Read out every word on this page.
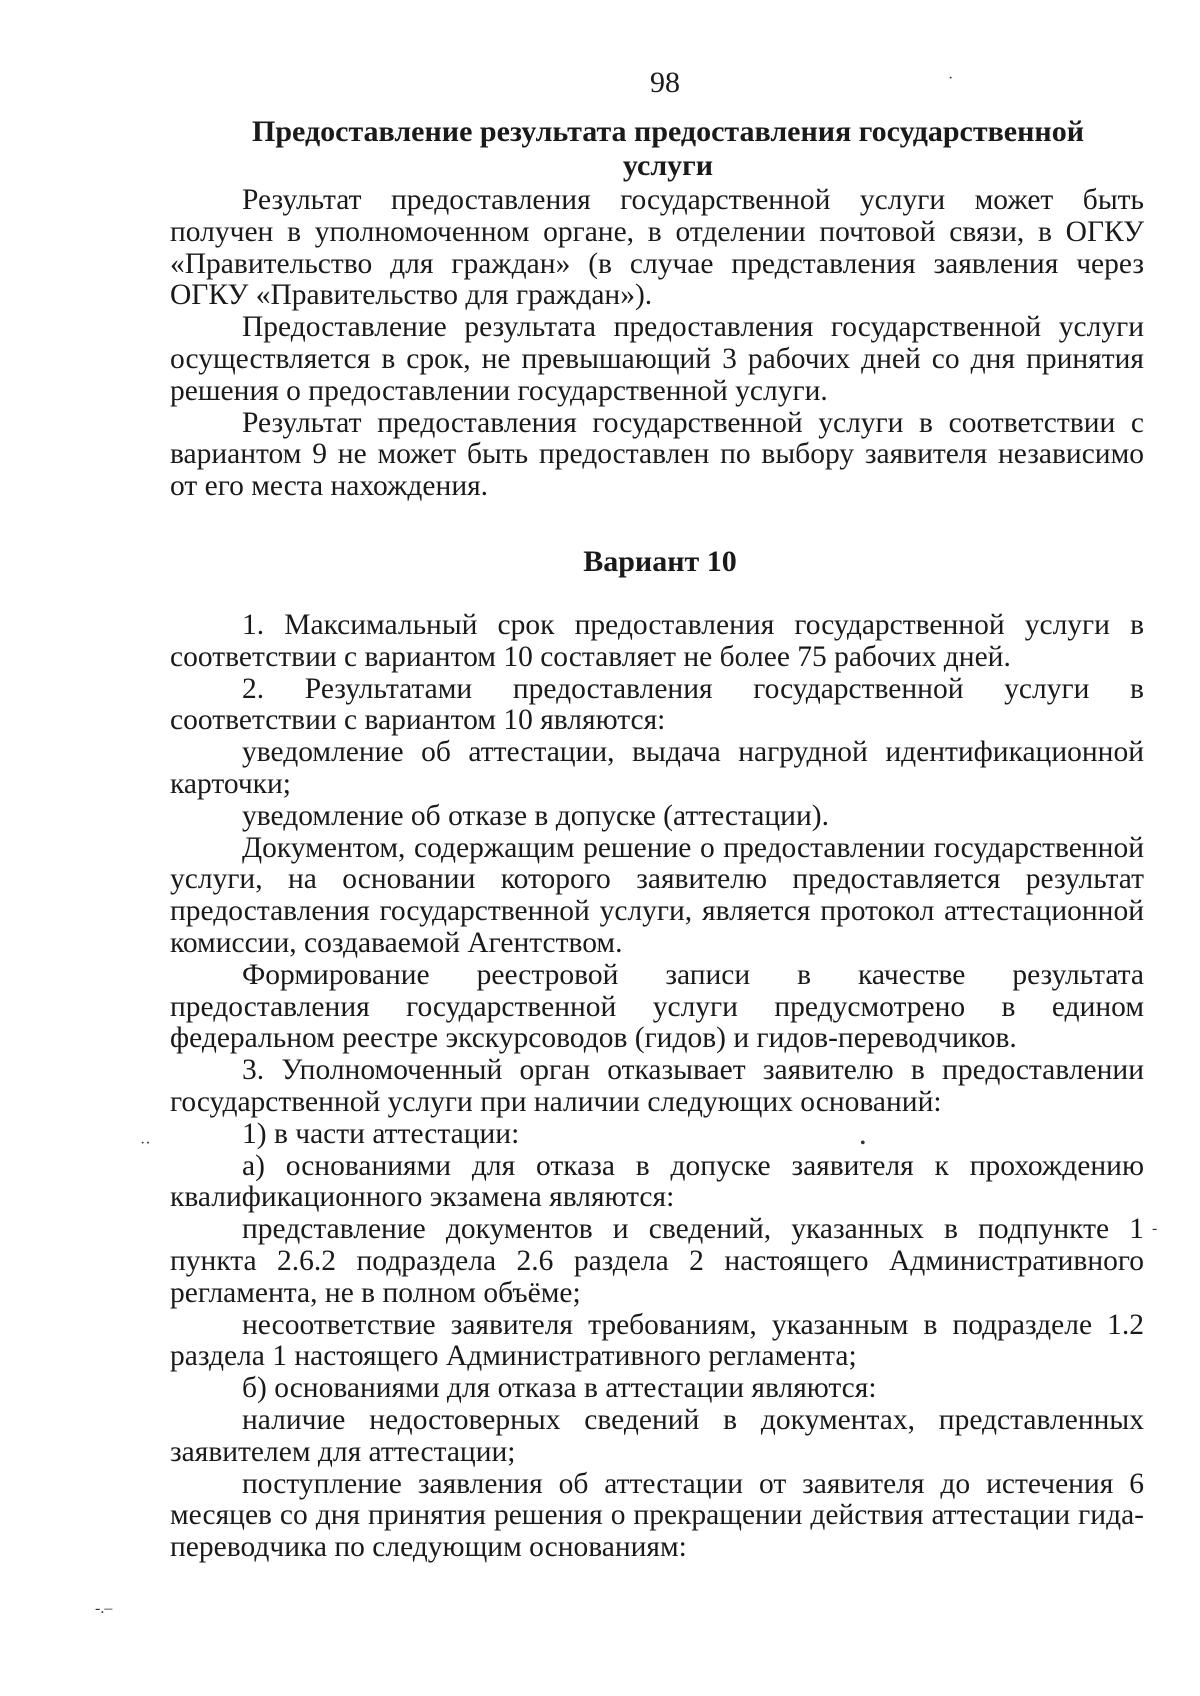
98
Предоставление результата предоставления государственной услуги

Результат предоставления государственной услуги может быть получен в уполномоченном органе, в отделении почтовой связи, в ОГКУ «Правительство для граждан» (в случае представления заявления через ОГКУ «Правительство для граждан»).

Предоставление результата предоставления государственной услуги осуществляется в срок, не превышающий 3 рабочих дней со дня принятия решения о предоставлении государственной услуги.

Результат предоставления государственной услуги в соответствии с вариантом 9 не может быть предоставлен по выбору заявителя независимо от его места нахождения.

Вариант 10

1. Максимальный срок предоставления государственной услуги в соответствии с вариантом 10 составляет не более 75 рабочих дней.

2. Результатами предоставления государственной услуги в соответствии с вариантом 10 являются:

уведомление об аттестации, выдача нагрудной идентификационной карточки;

уведомление об отказе в допуске (аттестации).

Документом, содержащим решение о предоставлении государственной услуги, на основании которого заявителю предоставляется результат предоставления государственной услуги, является протокол аттестационной комиссии, создаваемой Агентством.

Формирование реестровой записи в качестве результата предоставления государственной услуги предусмотрено в едином федеральном реестре экскурсоводов (гидов) и гидов-переводчиков.

3. Уполномоченный орган отказывает заявителю в предоставлении государственной услуги при наличии следующих оснований:

1) в части аттестации:

а) основаниями для отказа в допуске заявителя к прохождению квалификационного экзамена являются:

представление документов и сведений, указанных в подпункте 1 пункта 2.6.2 подраздела 2.6 раздела 2 настоящего Административного регламента, не в полном объёме;

несоответствие заявителя требованиям, указанным в подразделе 1.2 раздела 1 настоящего Административного регламента;

б) основаниями для отказа в аттестации являются:

наличие недостоверных сведений в документах, представленных заявителем для аттестации;

поступление заявления об аттестации от заявителя до истечения 6 месяцев со дня принятия решения о прекращении действия аттестации гида-переводчика по следующим основаниям:

·
··	•
-
-.–
